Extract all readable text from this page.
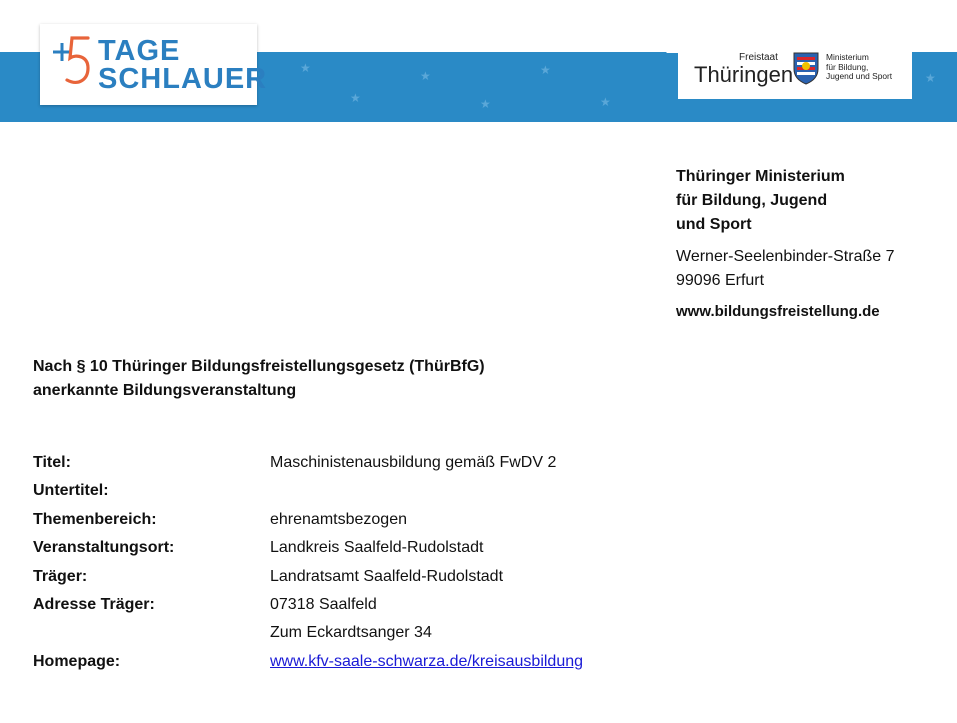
★
★
★
★
★
★
★
TAGE
SCHLAUER
Freistaat
Thüringen
Ministerium
für Bildung,
Jugend und Sport
Thüringer Ministerium
für Bildung, Jugend
und Sport
Werner-Seelenbinder-Straße 7
99096 Erfurt
www.bildungsfreistellung.de
Nach § 10 Thüringer Bildungsfreistellungsgesetz (ThürBfG)
anerkannte Bildungsveranstaltung
Titel:	Maschinistenausbildung gemäß FwDV 2
Untertitel:
Themenbereich:	ehrenamtsbezogen
Veranstaltungsort:	Landkreis Saalfeld-Rudolstadt
Träger:	Landratsamt Saalfeld-Rudolstadt
Adresse Träger:	07318 Saalfeld
Zum Eckardtsanger 34
Homepage:	www.kfv-saale-schwarza.de/kreisausbildung
